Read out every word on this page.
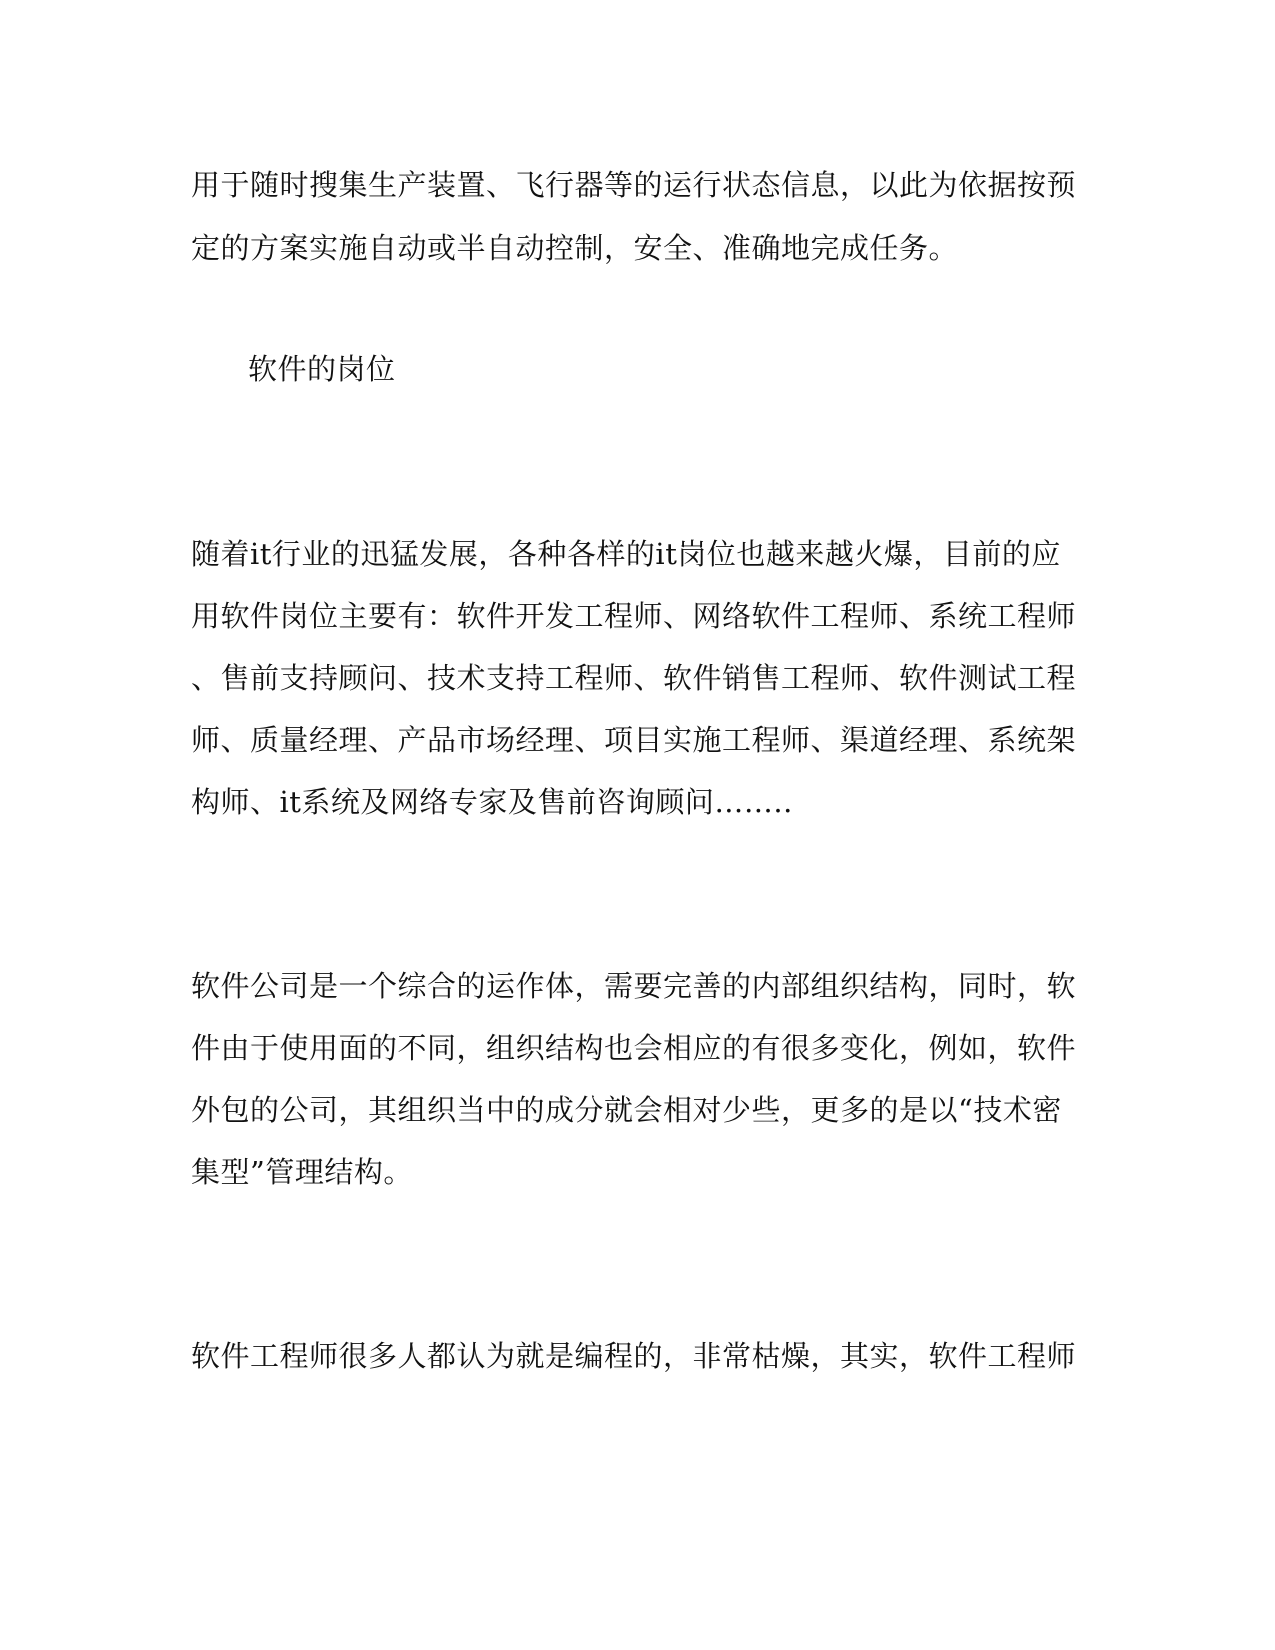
用于随时搜集生产装置、飞行器等的运行状态信息，以此为依据按预
定的方案实施自动或半自动控制，安全、准确地完成任务。
软件的岗位
随着it行业的迅猛发展，各种各样的it岗位也越来越火爆，目前的应
用软件岗位主要有：软件开发工程师、网络软件工程师、系统工程师
、售前支持顾问、技术支持工程师、软件销售工程师、软件测试工程
师、质量经理、产品市场经理、项目实施工程师、渠道经理、系统架
构师、it系统及网络专家及售前咨询顾问……..
软件公司是一个综合的运作体，需要完善的内部组织结构，同时，软
件由于使用面的不同，组织结构也会相应的有很多变化，例如，软件
外包的公司，其组织当中的成分就会相对少些，更多的是以“技术密
集型”管理结构。
软件工程师很多人都认为就是编程的，非常枯燥，其实，软件工程师
